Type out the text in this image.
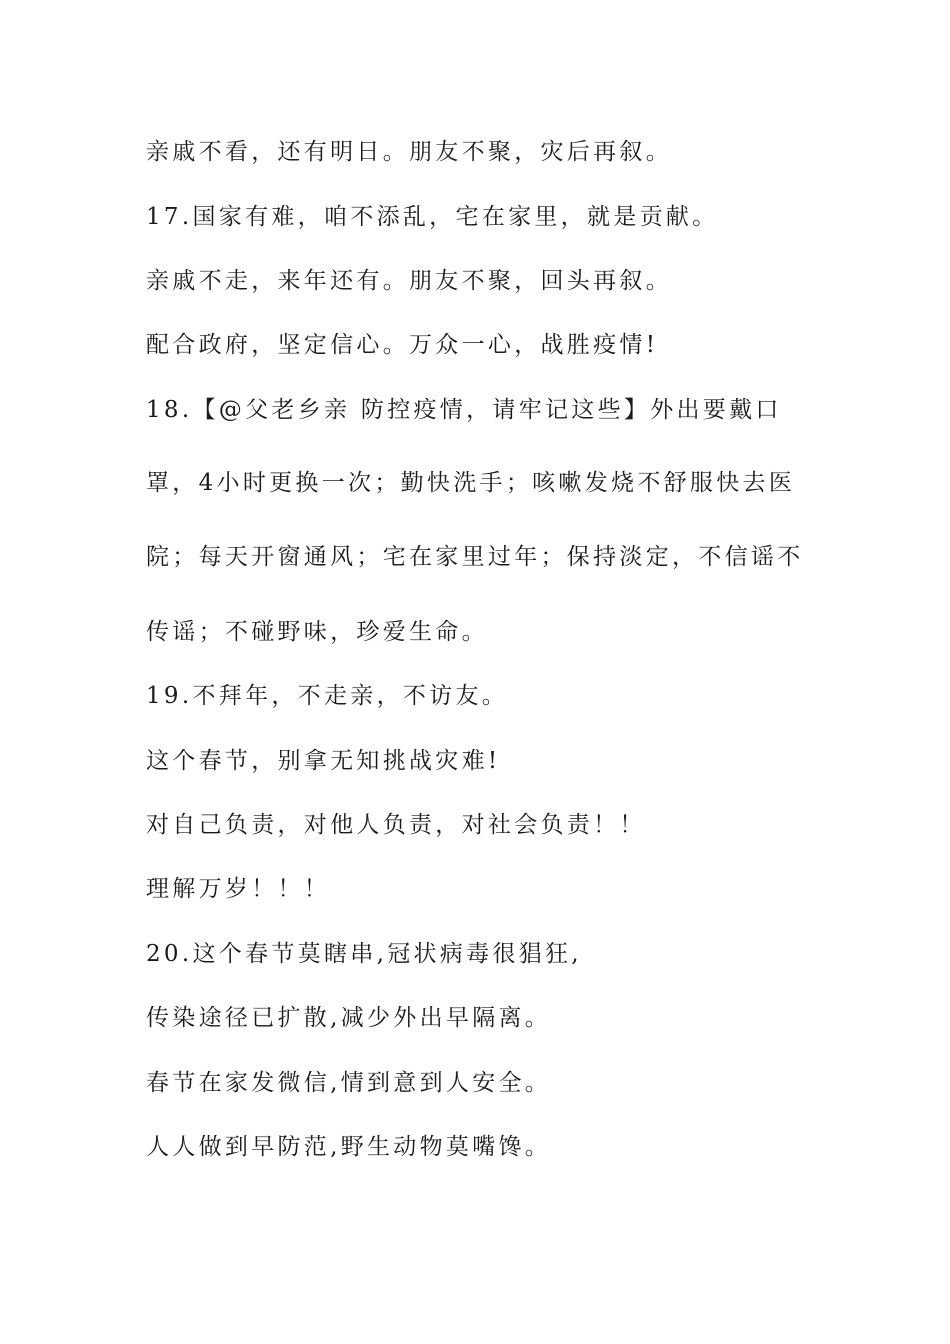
亲戚不看，还有明日。朋友不聚，灾后再叙。

17.国家有难，咱不添乱，宅在家里，就是贡献。

亲戚不走，来年还有。朋友不聚，回头再叙。

配合政府，坚定信心。万众一心，战胜疫情!

18.【@父老乡亲 防控疫情，请牢记这些】外出要戴口

罩，4小时更换一次；勤快洗手；咳嗽发烧不舒服快去医

院；每天开窗通风；宅在家里过年；保持淡定，不信谣不

传谣；不碰野味，珍爱生命。

19.不拜年，不走亲，不访友。

这个春节，别拿无知挑战灾难!

对自己负责，对他人负责，对社会负责！！

理解万岁！！！

20.这个春节莫瞎串,冠状病毒很猖狂,

传染途径已扩散,减少外出早隔离。

春节在家发微信,情到意到人安全。

人人做到早防范,野生动物莫嘴馋。
